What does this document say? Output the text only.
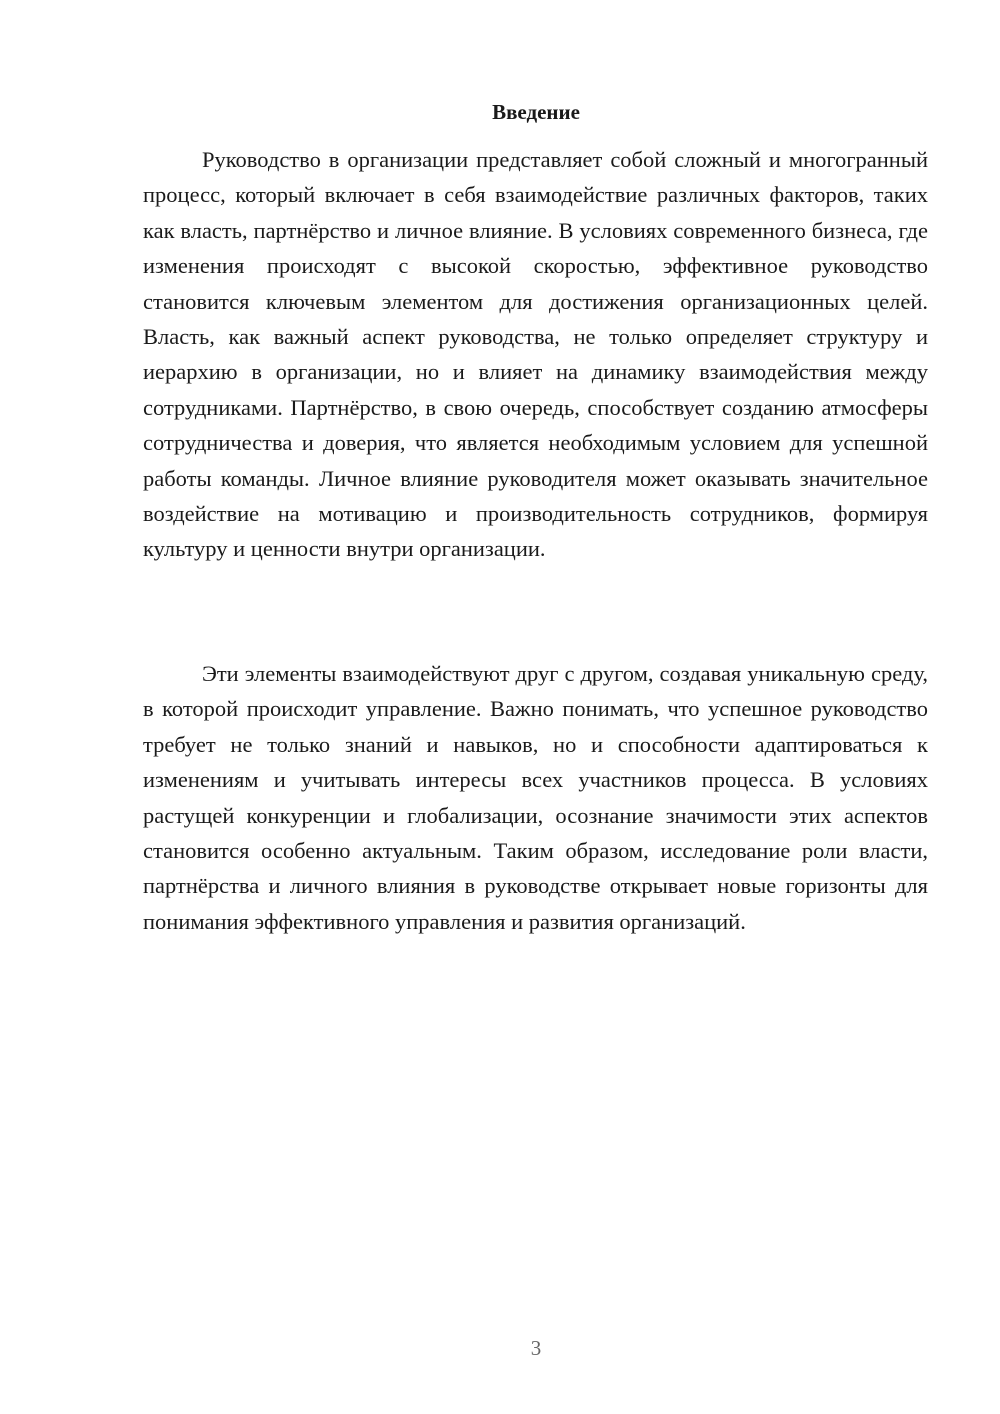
Введение

Руководство в организации представляет собой сложный и многогранный процесс, который включает в себя взаимодействие различных факторов, таких как власть, партнёрство и личное влияние. В условиях современного бизнеса, где изменения происходят с высокой скоростью, эффективное руководство становится ключевым элементом для достижения организационных целей. Власть, как важный аспект руководства, не только определяет структуру и иерархию в организации, но и влияет на динамику взаимодействия между сотрудниками. Партнёрство, в свою очередь, способствует созданию атмосферы сотрудничества и доверия, что является необходимым условием для успешной работы команды. Личное влияние руководителя может оказывать значительное воздействие на мотивацию и производительность сотрудников, формируя культуру и ценности внутри организации.

Эти элементы взаимодействуют друг с другом, создавая уникальную среду, в которой происходит управление. Важно понимать, что успешное руководство требует не только знаний и навыков, но и способности адаптироваться к изменениям и учитывать интересы всех участников процесса. В условиях растущей конкуренции и глобализации, осознание значимости этих аспектов становится особенно актуальным. Таким образом, исследование роли власти, партнёрства и личного влияния в руководстве открывает новые горизонты для понимания эффективного управления и развития организаций.

3
